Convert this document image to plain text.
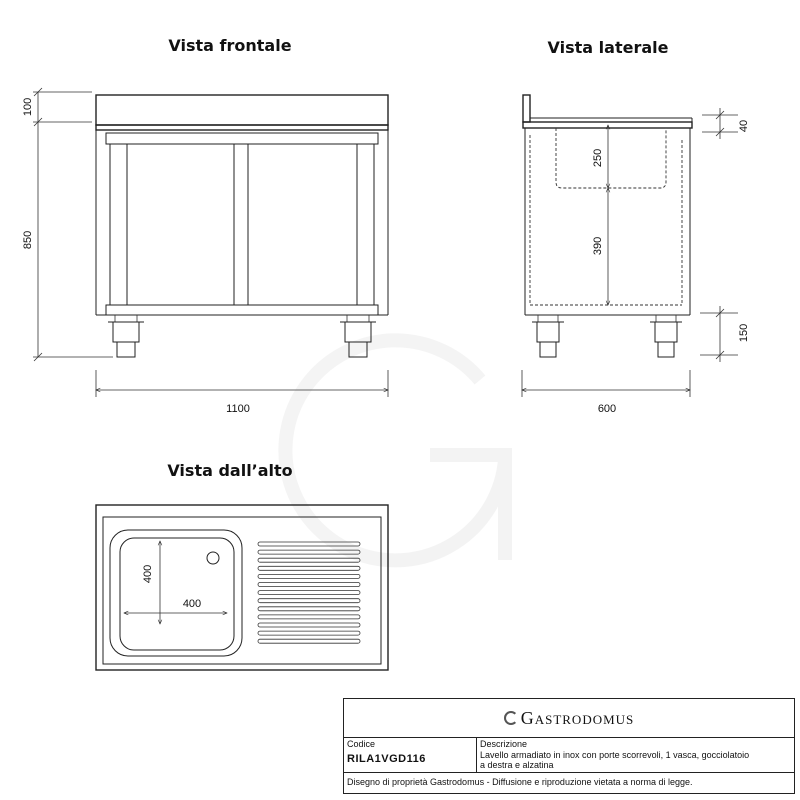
Vista frontale
100
850
1100
Vista laterale
40
250
390
150
600
Vista dall’alto
400
400
Gastrodomus
Codice
RILA1VGD116
Descrizione
Lavello armadiato in inox con porte scorrevoli, 1 vasca, gocciolatoio
a destra e alzatina
Disegno di proprietà Gastrodomus - Diffusione e riproduzione vietata a norma di legge.
